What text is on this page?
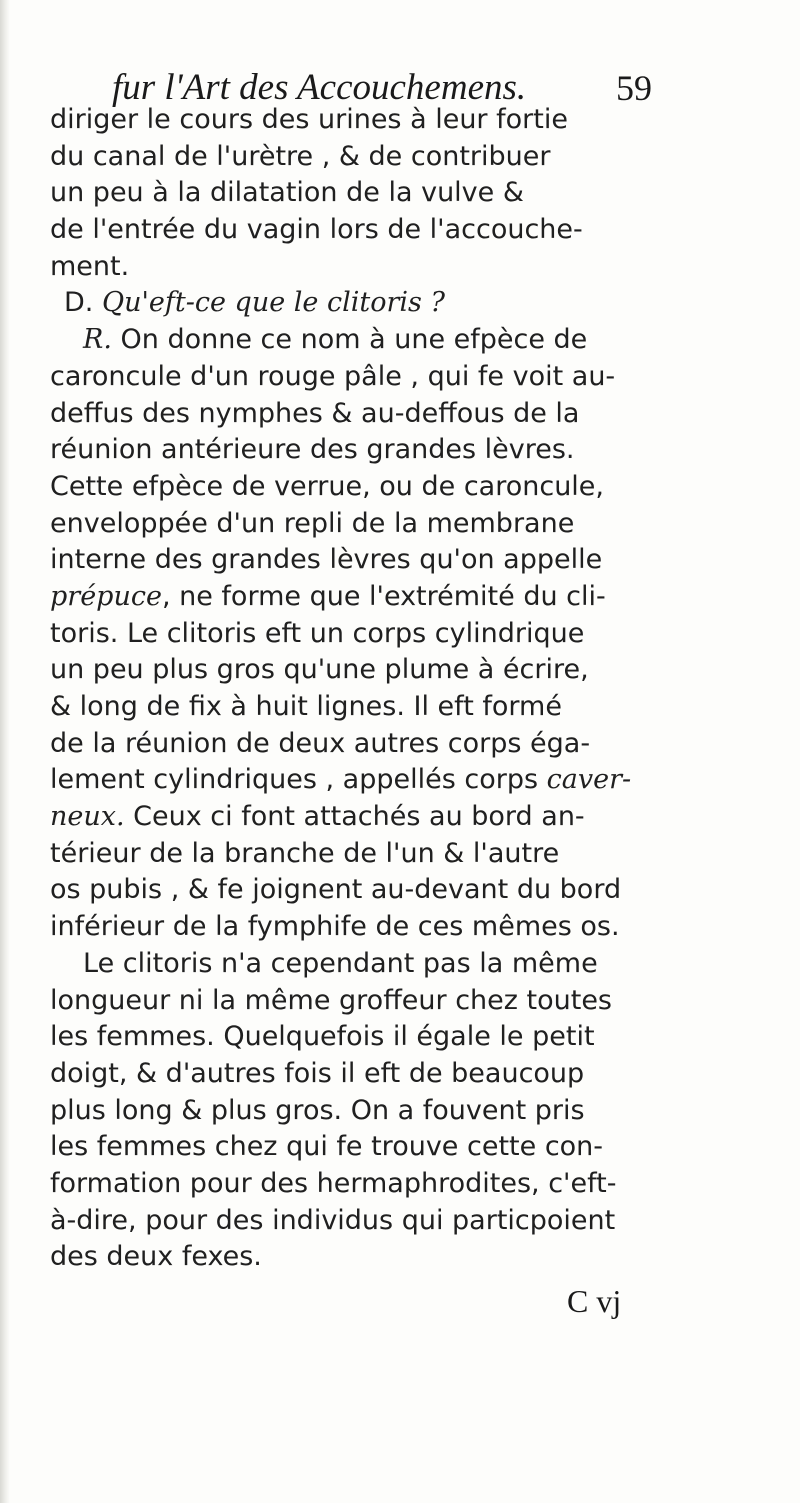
fur l'Art des Accouchemens. 59
diriger le cours des urines à leur fortie
du canal de l'urètre , & de contribuer
un peu à la dilatation de la vulve &
de l'entrée du vagin lors de l'accouche-
ment.
D. Qu'eft-ce que le clitoris ?
R. On donne ce nom à une efpèce de
caroncule d'un rouge pâle , qui fe voit au-
deffus des nymphes & au-deffous de la
réunion antérieure des grandes lèvres.
Cette efpèce de verrue, ou de caroncule,
enveloppée d'un repli de la membrane
interne des grandes lèvres qu'on appelle
prépuce, ne forme que l'extrémité du cli-
toris. Le clitoris eft un corps cylindrique
un peu plus gros qu'une plume à écrire,
& long de fix à huit lignes. Il eft formé
de la réunion de deux autres corps éga-
lement cylindriques , appellés corps caver-
neux. Ceux ci font attachés au bord an-
térieur de la branche de l'un & l'autre
os pubis , & fe joignent au-devant du bord
inférieur de la fymphife de ces mêmes os.
Le clitoris n'a cependant pas la même
longueur ni la même groffeur chez toutes
les femmes. Quelquefois il égale le petit
doigt, & d'autres fois il eft de beaucoup
plus long & plus gros. On a fouvent pris
les femmes chez qui fe trouve cette con-
formation pour des hermaphrodites, c'eft-
à-dire, pour des individus qui particpoient
des deux fexes.
C vj
